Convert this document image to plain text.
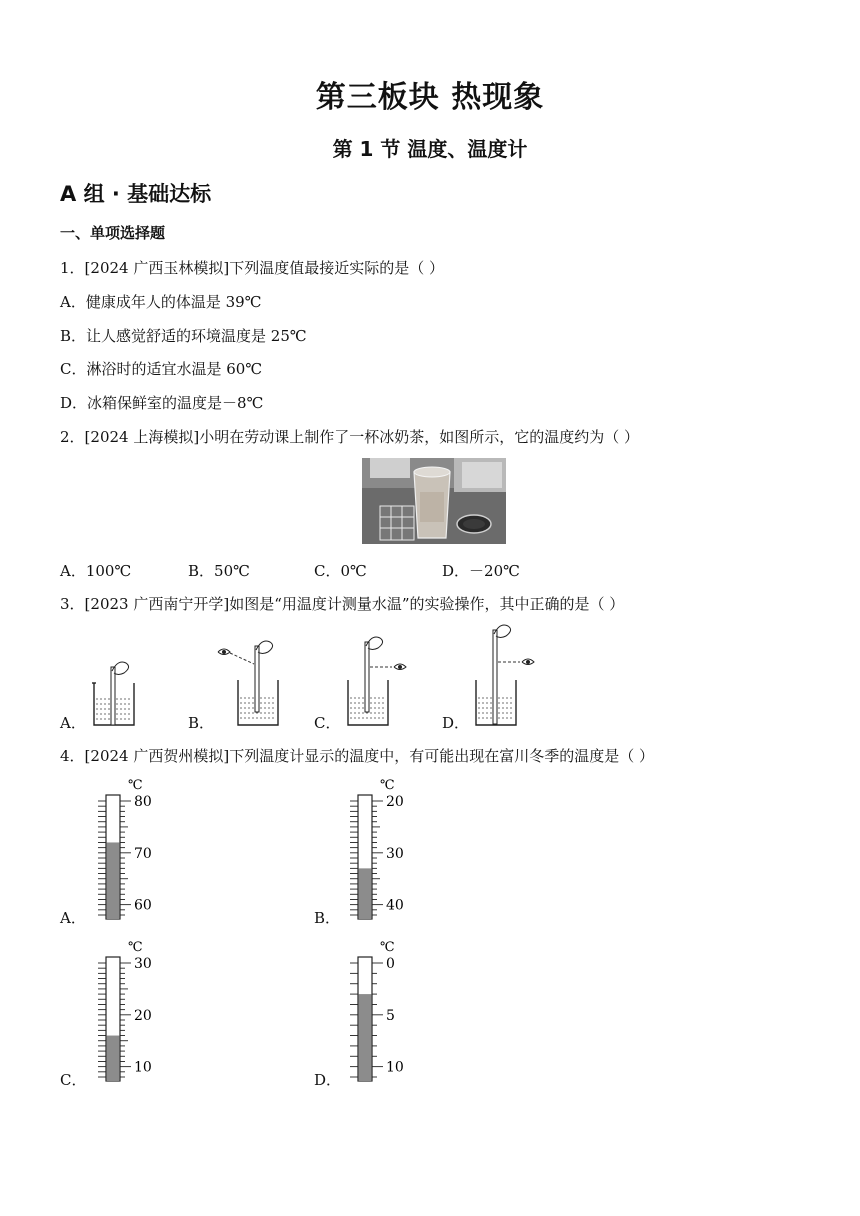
第三板块 热现象
第 1 节 温度、温度计
A 组 · 基础达标
一、单项选择题
1．[2024 广西玉林模拟]下列温度值最接近实际的是（ ）
A．健康成年人的体温是 39℃
B．让人感觉舒适的环境温度是 25℃
C．淋浴时的适宜水温是 60℃
D．冰箱保鲜室的温度是－8℃
2．[2024 上海模拟]小明在劳动课上制作了一杯冰奶茶，如图所示，它的温度约为（ ）
A．100℃	B．50℃	C．0℃	D．－20℃
3．[2023 广西南宁开学]如图是“用温度计测量水温”的实验操作，其中正确的是（ ）
A．	B．	C．	D．
4．[2024 广西贺州模拟]下列温度计显示的温度中，有可能出现在富川冬季的温度是（ ）
A．	B．
C．	D．
℃
80
70
60
℃
20
30
40
℃
30
20
10
℃
0
5
10
